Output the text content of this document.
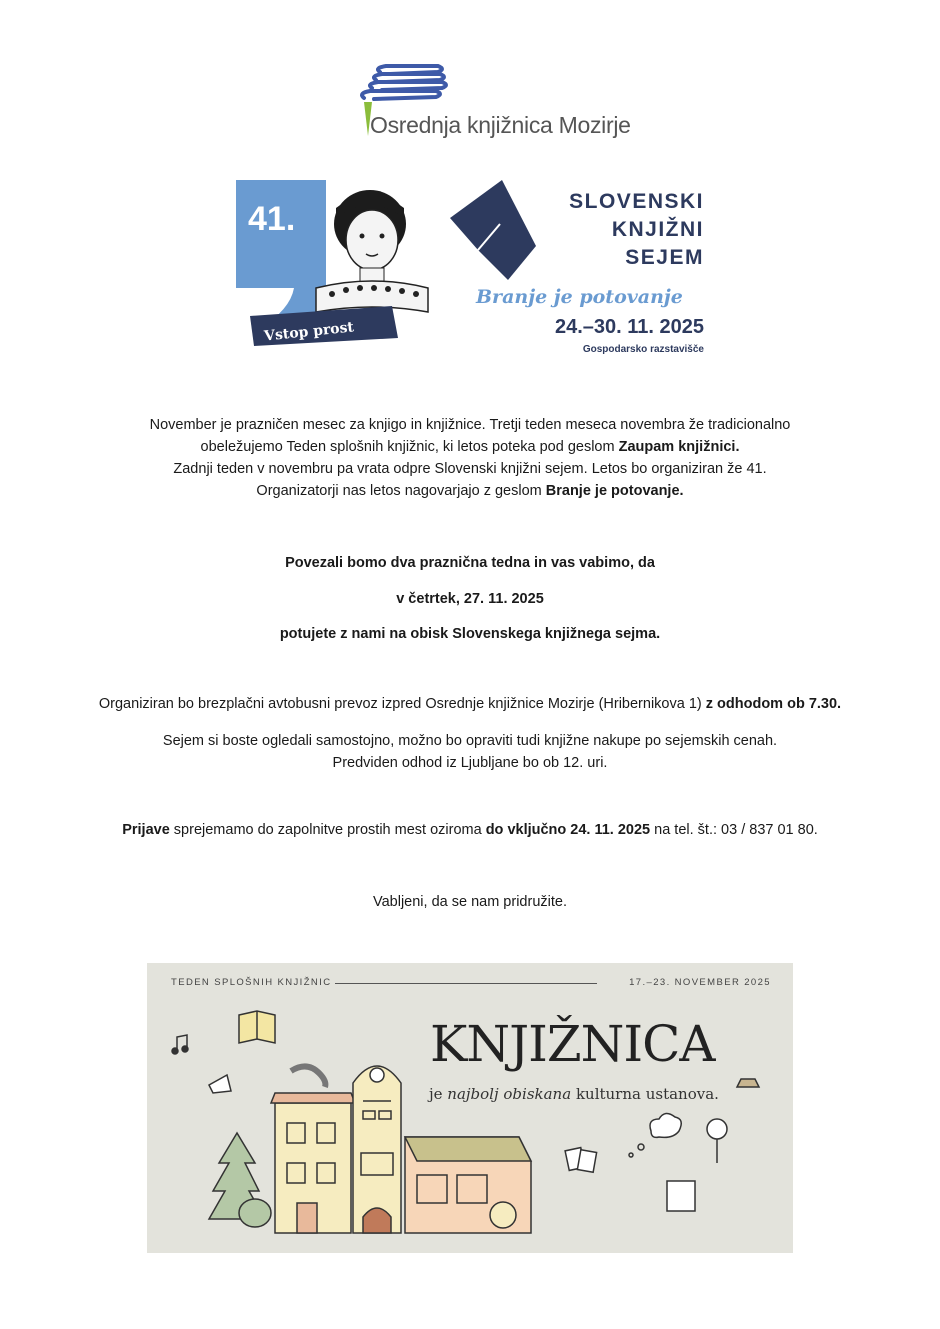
Osrednja knjižnica Mozirje
41.
Vstop prost
SLOVENSKI
KNJIŽNI
SEJEM
Branje je potovanje
24.–30. 11. 2025
Gospodarsko razstavišče
November je prazničen mesec za knjigo in knjižnice. Tretji teden meseca novembra že tradicionalno
obeležujemo Teden splošnih knjižnic, ki letos poteka pod geslom Zaupam knjižnici.
Zadnji teden v novembru pa vrata odpre Slovenski knjižni sejem. Letos bo organiziran že 41.
Organizatorji nas letos nagovarjajo z geslom Branje je potovanje.
Povezali bomo dva praznična tedna in vas vabimo, da
v četrtek, 27. 11. 2025
potujete z nami na obisk Slovenskega knjižnega sejma.
Organiziran bo brezplačni avtobusni prevoz izpred Osrednje knjižnice Mozirje (Hribernikova 1) z odhodom ob 7.30.
Sejem si boste ogledali samostojno, možno bo opraviti tudi knjižne nakupe po sejemskih cenah.
Predviden odhod iz Ljubljane bo ob 12. uri.
Prijave sprejemamo do zapolnitve prostih mest oziroma do vključno 24. 11. 2025 na tel. št.: 03 / 837 01 80.
Vabljeni, da se nam pridružite.
TEDEN SPLOŠNIH KNJIŽNIC	17.–23. NOVEMBER 2025
KNJIŽNICA
je najbolj obiskana kulturna ustanova.
